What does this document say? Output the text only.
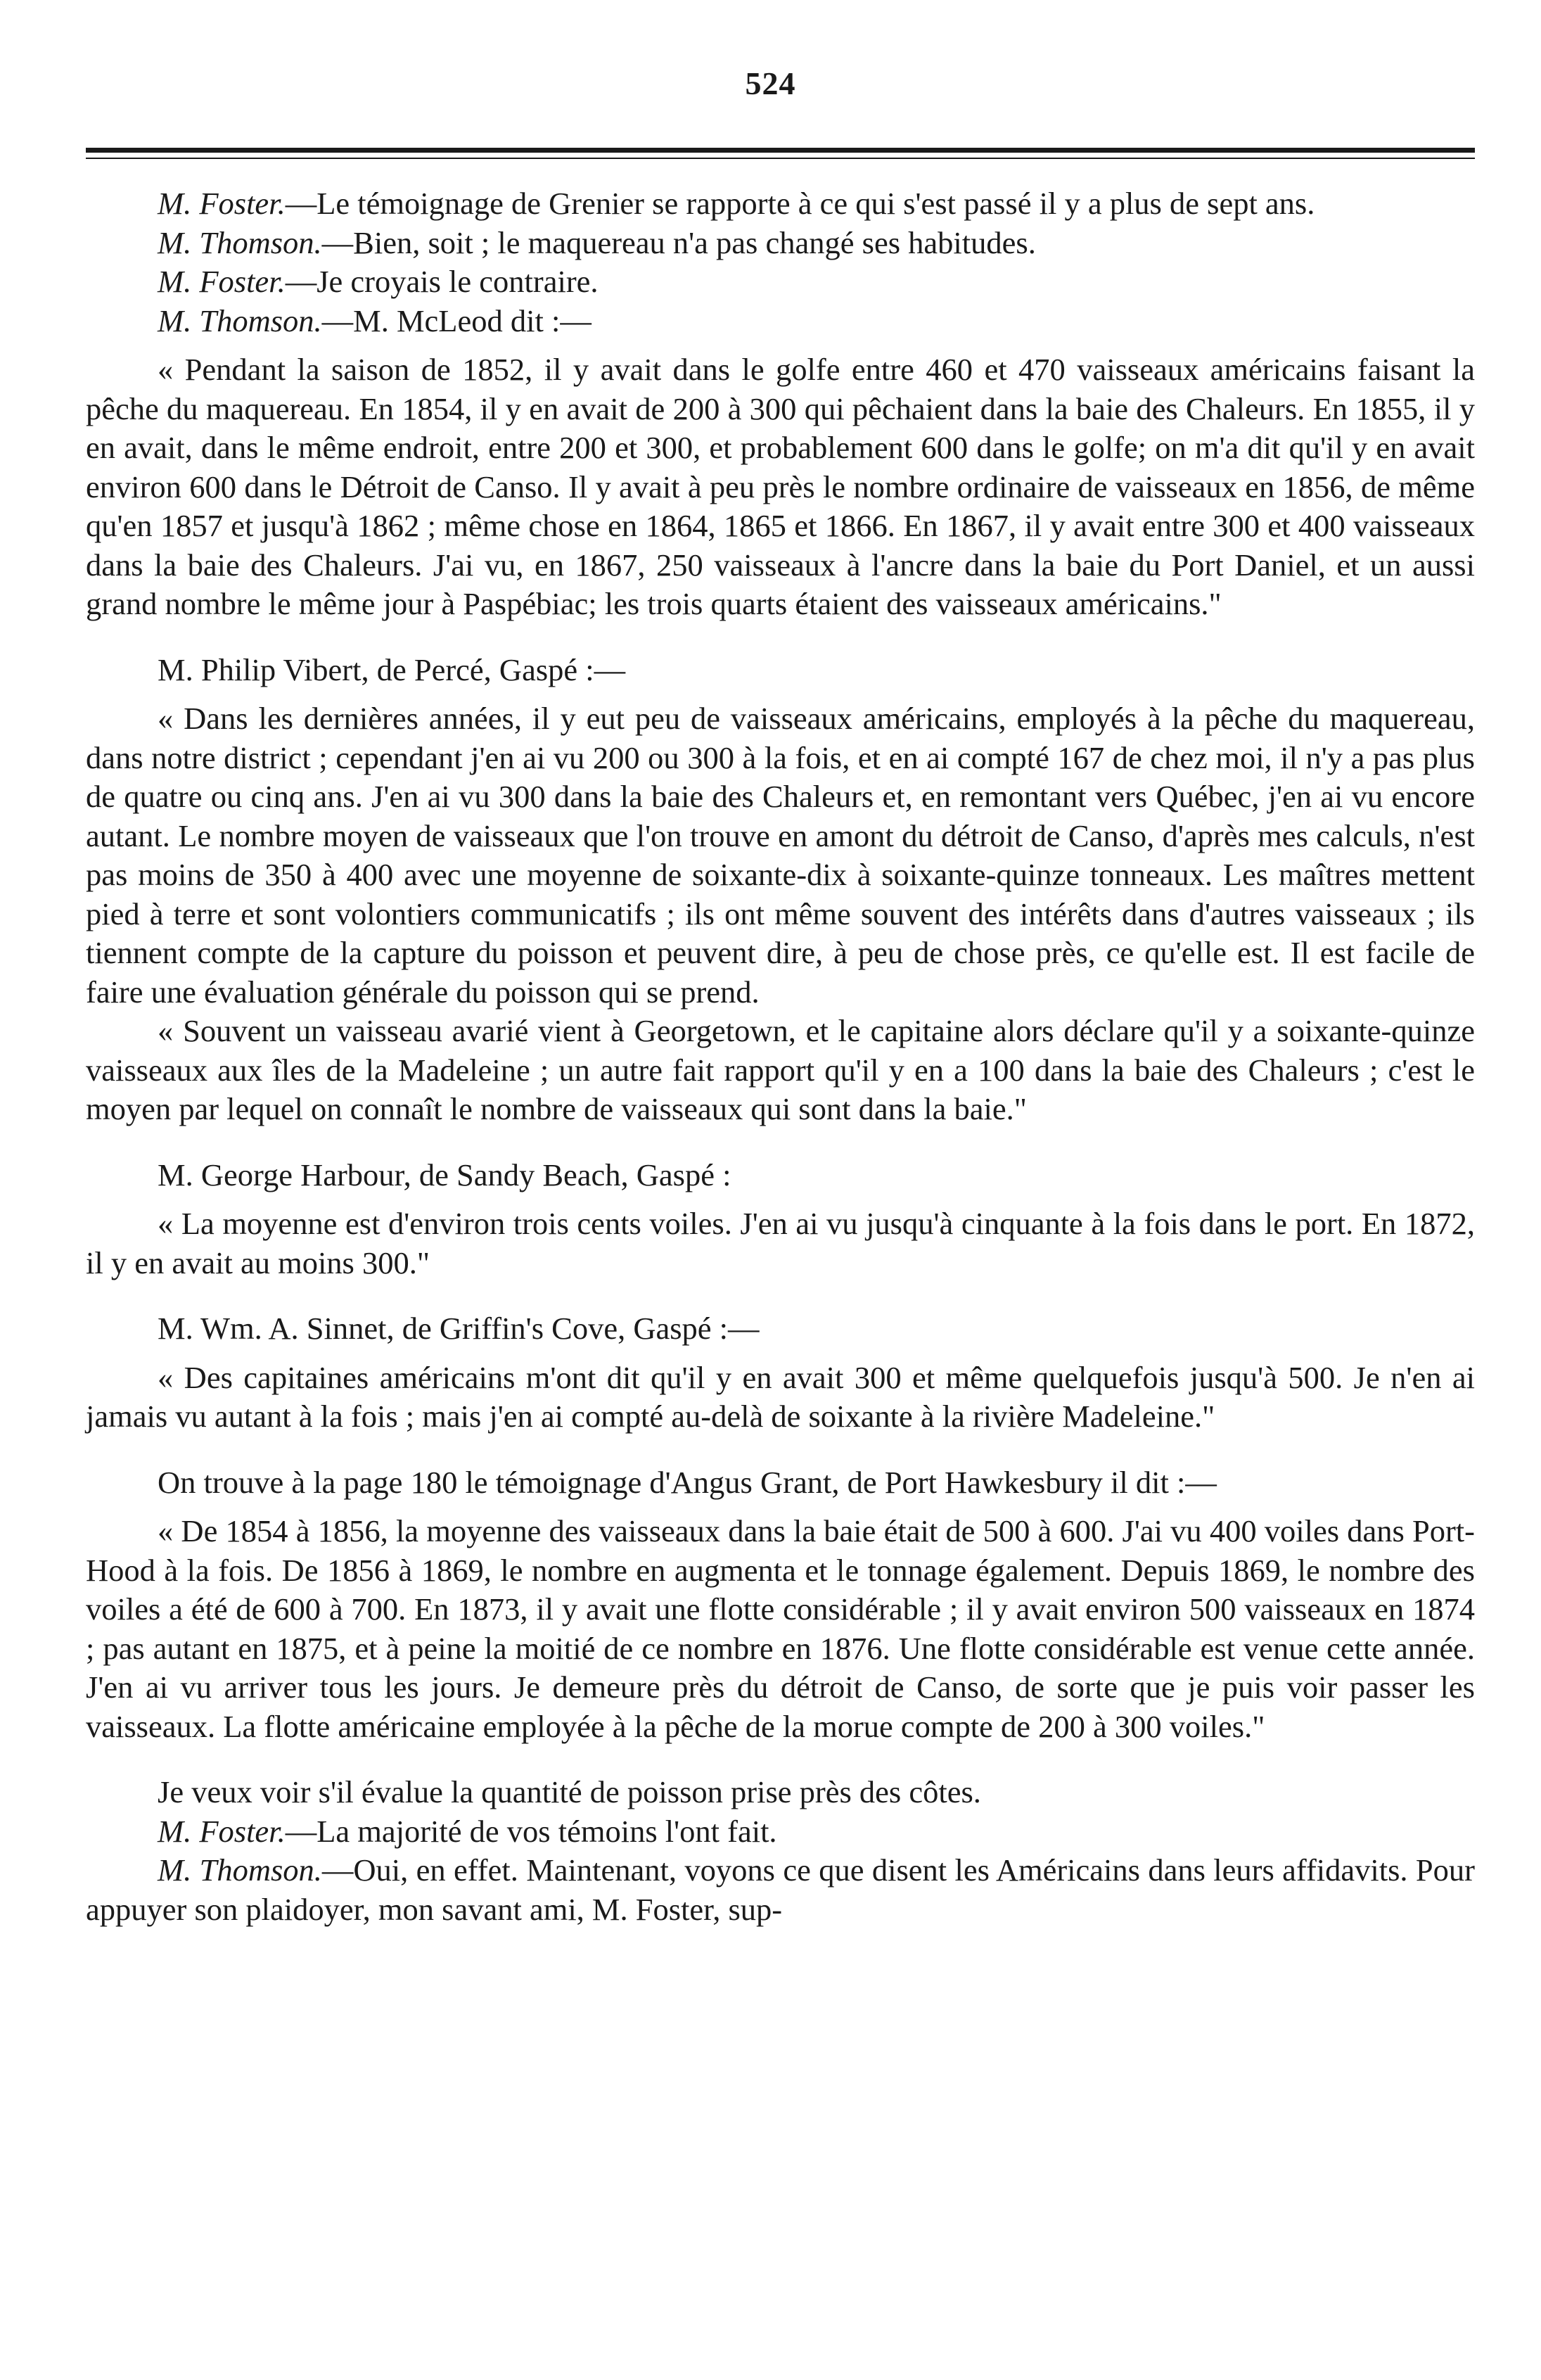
524

M. Foster.—Le témoignage de Grenier se rapporte à ce qui s'est passé il y a plus de sept ans.

M. Thomson.—Bien, soit ; le maquereau n'a pas changé ses habitudes.

M. Foster.—Je croyais le contraire.

M. Thomson.—M. McLeod dit :—

« Pendant la saison de 1852, il y avait dans le golfe entre 460 et 470 vaisseaux américains faisant la pêche du maquereau. En 1854, il y en avait de 200 à 300 qui pêchaient dans la baie des Chaleurs. En 1855, il y en avait, dans le même endroit, entre 200 et 300, et probablement 600 dans le golfe; on m'a dit qu'il y en avait environ 600 dans le Détroit de Canso. Il y avait à peu près le nombre ordinaire de vaisseaux en 1856, de même qu'en 1857 et jusqu'à 1862 ; même chose en 1864, 1865 et 1866. En 1867, il y avait entre 300 et 400 vaisseaux dans la baie des Chaleurs. J'ai vu, en 1867, 250 vaisseaux à l'ancre dans la baie du Port Daniel, et un aussi grand nombre le même jour à Paspébiac; les trois quarts étaient des vaisseaux américains."

M. Philip Vibert, de Percé, Gaspé :—

« Dans les dernières années, il y eut peu de vaisseaux américains, employés à la pêche du maquereau, dans notre district ; cependant j'en ai vu 200 ou 300 à la fois, et en ai compté 167 de chez moi, il n'y a pas plus de quatre ou cinq ans. J'en ai vu 300 dans la baie des Chaleurs et, en remontant vers Québec, j'en ai vu encore autant. Le nombre moyen de vaisseaux que l'on trouve en amont du détroit de Canso, d'après mes calculs, n'est pas moins de 350 à 400 avec une moyenne de soixante-dix à soixante-quinze tonneaux. Les maîtres mettent pied à terre et sont volontiers communicatifs ; ils ont même souvent des intérêts dans d'autres vaisseaux ; ils tiennent compte de la capture du poisson et peuvent dire, à peu de chose près, ce qu'elle est. Il est facile de faire une évaluation générale du poisson qui se prend.

« Souvent un vaisseau avarié vient à Georgetown, et le capitaine alors déclare qu'il y a soixante-quinze vaisseaux aux îles de la Madeleine ; un autre fait rapport qu'il y en a 100 dans la baie des Chaleurs ; c'est le moyen par lequel on connaît le nombre de vaisseaux qui sont dans la baie."

M. George Harbour, de Sandy Beach, Gaspé :

« La moyenne est d'environ trois cents voiles. J'en ai vu jusqu'à cinquante à la fois dans le port. En 1872, il y en avait au moins 300."

M. Wm. A. Sinnet, de Griffin's Cove, Gaspé :—

« Des capitaines américains m'ont dit qu'il y en avait 300 et même quelquefois jusqu'à 500. Je n'en ai jamais vu autant à la fois ; mais j'en ai compté au-delà de soixante à la rivière Madeleine."

On trouve à la page 180 le témoignage d'Angus Grant, de Port Hawkesbury il dit :—

« De 1854 à 1856, la moyenne des vaisseaux dans la baie était de 500 à 600. J'ai vu 400 voiles dans Port-Hood à la fois. De 1856 à 1869, le nombre en augmenta et le tonnage également. Depuis 1869, le nombre des voiles a été de 600 à 700. En 1873, il y avait une flotte considérable ; il y avait environ 500 vaisseaux en 1874 ; pas autant en 1875, et à peine la moitié de ce nombre en 1876. Une flotte considérable est venue cette année. J'en ai vu arriver tous les jours. Je demeure près du détroit de Canso, de sorte que je puis voir passer les vaisseaux. La flotte américaine employée à la pêche de la morue compte de 200 à 300 voiles."

Je veux voir s'il évalue la quantité de poisson prise près des côtes.

M. Foster.—La majorité de vos témoins l'ont fait.

M. Thomson.—Oui, en effet. Maintenant, voyons ce que disent les Américains dans leurs affidavits. Pour appuyer son plaidoyer, mon savant ami, M. Foster, sup-
